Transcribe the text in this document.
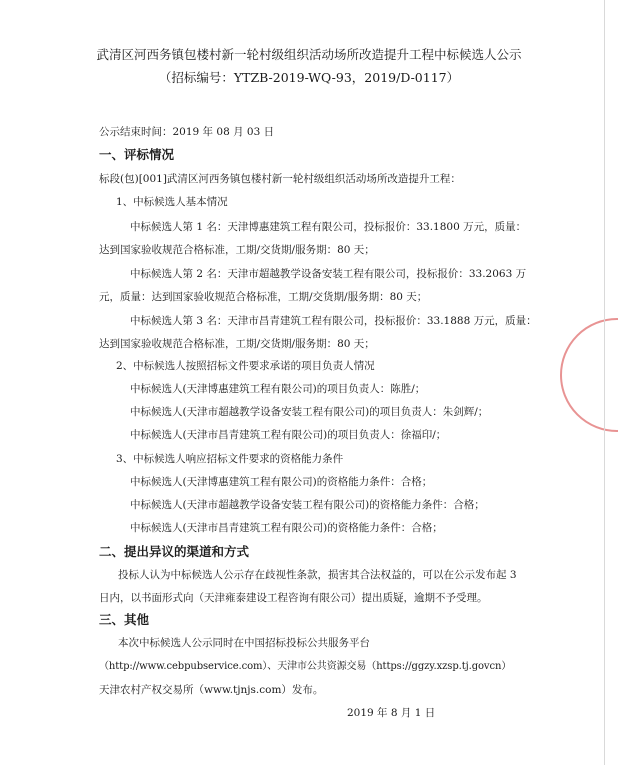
武清区河西务镇包楼村新一轮村级组织活动场所改造提升工程中标候选人公示
（招标编号：YTZB-2019-WQ-93，2019/D-0117）
公示结束时间：2019 年 08 月 03 日
一、评标情况
标段(包)[001]武清区河西务镇包楼村新一轮村级组织活动场所改造提升工程：
1、中标候选人基本情况
中标候选人第 1 名：天津博惠建筑工程有限公司，投标报价：33.1800 万元，质量：
达到国家验收规范合格标准，工期/交货期/服务期：80 天；
中标候选人第 2 名：天津市超越教学设备安装工程有限公司，投标报价：33.2063 万
元，质量：达到国家验收规范合格标准，工期/交货期/服务期：80 天；
中标候选人第 3 名：天津市昌青建筑工程有限公司，投标报价：33.1888 万元，质量：
达到国家验收规范合格标准，工期/交货期/服务期：80 天；
2、中标候选人按照招标文件要求承诺的项目负责人情况
中标候选人(天津博惠建筑工程有限公司)的项目负责人：陈胜/；
中标候选人(天津市超越教学设备安装工程有限公司)的项目负责人：朱剑辉/；
中标候选人(天津市昌青建筑工程有限公司)的项目负责人：徐福印/；
3、中标候选人响应招标文件要求的资格能力条件
中标候选人(天津博惠建筑工程有限公司)的资格能力条件：合格；
中标候选人(天津市超越教学设备安装工程有限公司)的资格能力条件：合格；
中标候选人(天津市昌青建筑工程有限公司)的资格能力条件：合格；
二、提出异议的渠道和方式
投标人认为中标候选人公示存在歧视性条款，损害其合法权益的，可以在公示发布起 3
日内，以书面形式向（天津雍泰建设工程咨询有限公司）提出质疑，逾期不予受理。
三、其他
本次中标候选人公示同时在中国招标投标公共服务平台
（http://www.cebpubservice.com）、天津市公共资源交易（https://ggzy.xzsp.tj.govcn）
天津农村产权交易所（www.tjnjs.com）发布。
2019 年 8 月 1 日
